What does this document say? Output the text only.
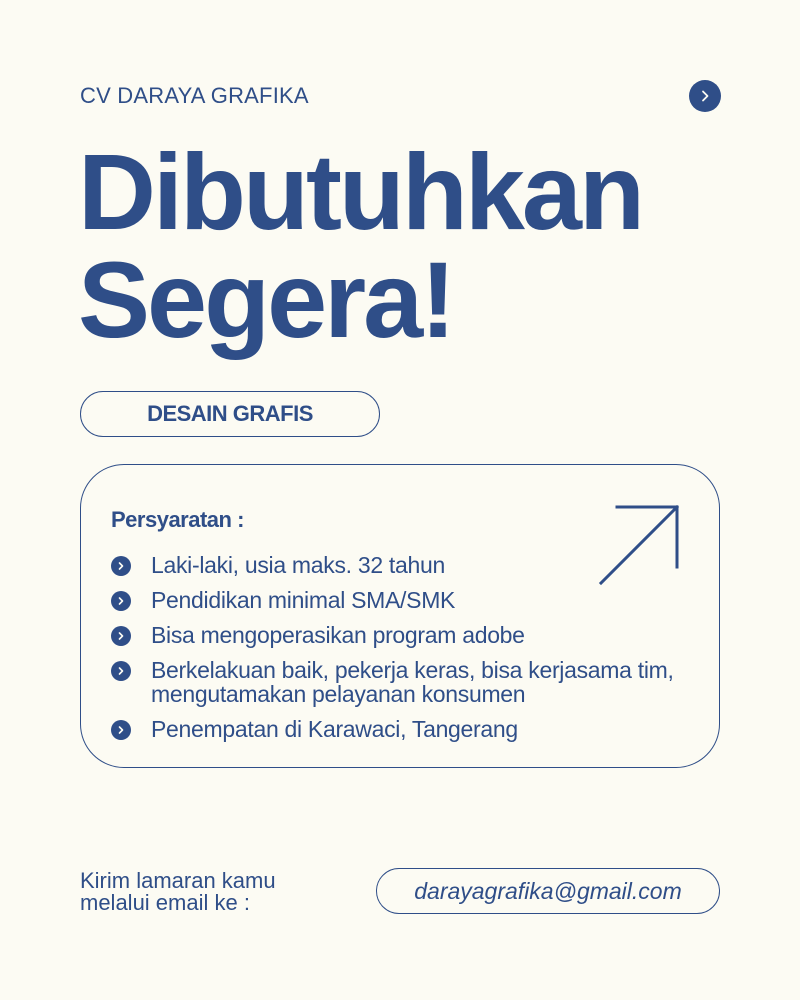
CV DARAYA GRAFIKA
Dibutuhkan
Segera!
DESAIN GRAFIS
Persyaratan :
Laki-laki, usia maks. 32 tahun
Pendidikan minimal SMA/SMK
Bisa mengoperasikan program adobe
Berkelakuan baik, pekerja keras, bisa kerjasama tim, mengutamakan pelayanan konsumen
Penempatan di Karawaci, Tangerang
Kirim lamaran kamu
melalui email ke :	darayagrafika@gmail.com
